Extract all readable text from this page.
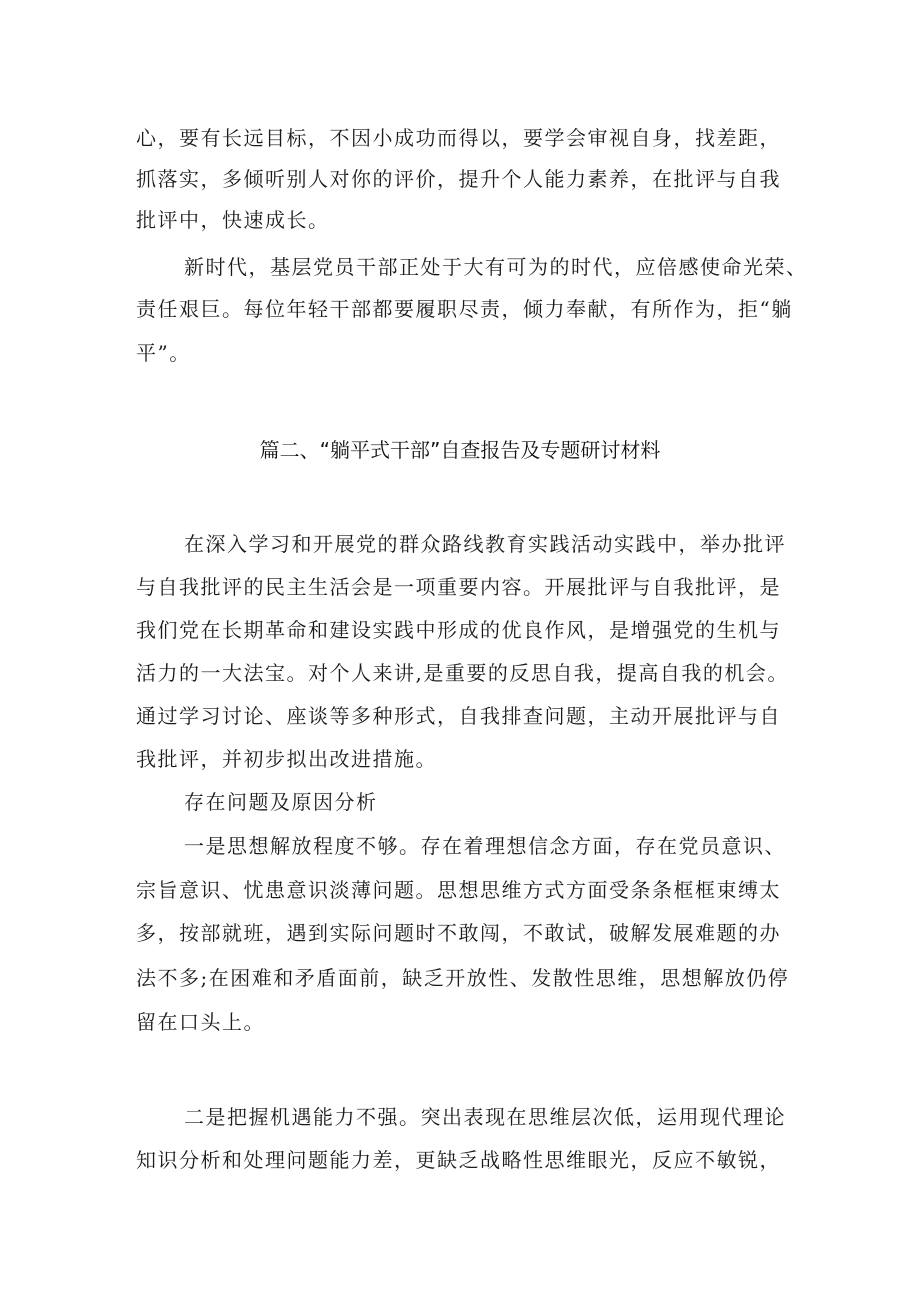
心，要有长远目标，不因小成功而得以，要学会审视自身，找差距，
抓落实，多倾听别人对你的评价，提升个人能力素养，在批评与自我
批评中，快速成长。
新时代，基层党员干部正处于大有可为的时代，应倍感使命光荣、
责任艰巨。每位年轻干部都要履职尽责，倾力奉献，有所作为，拒“躺
平”。
篇二、“躺平式干部”自查报告及专题研讨材料
在深入学习和开展党的群众路线教育实践活动实践中，举办批评
与自我批评的民主生活会是一项重要内容。开展批评与自我批评，是
我们党在长期革命和建设实践中形成的优良作风，是增强党的生机与
活力的一大法宝。对个人来讲,是重要的反思自我，提高自我的机会。
通过学习讨论、座谈等多种形式，自我排查问题，主动开展批评与自
我批评，并初步拟出改进措施。
存在问题及原因分析
一是思想解放程度不够。存在着理想信念方面，存在党员意识、
宗旨意识、忧患意识淡薄问题。思想思维方式方面受条条框框束缚太
多，按部就班，遇到实际问题时不敢闯，不敢试，破解发展难题的办
法不多;在困难和矛盾面前，缺乏开放性、发散性思维，思想解放仍停
留在口头上。
二是把握机遇能力不强。突出表现在思维层次低，运用现代理论
知识分析和处理问题能力差，更缺乏战略性思维眼光，反应不敏锐，
